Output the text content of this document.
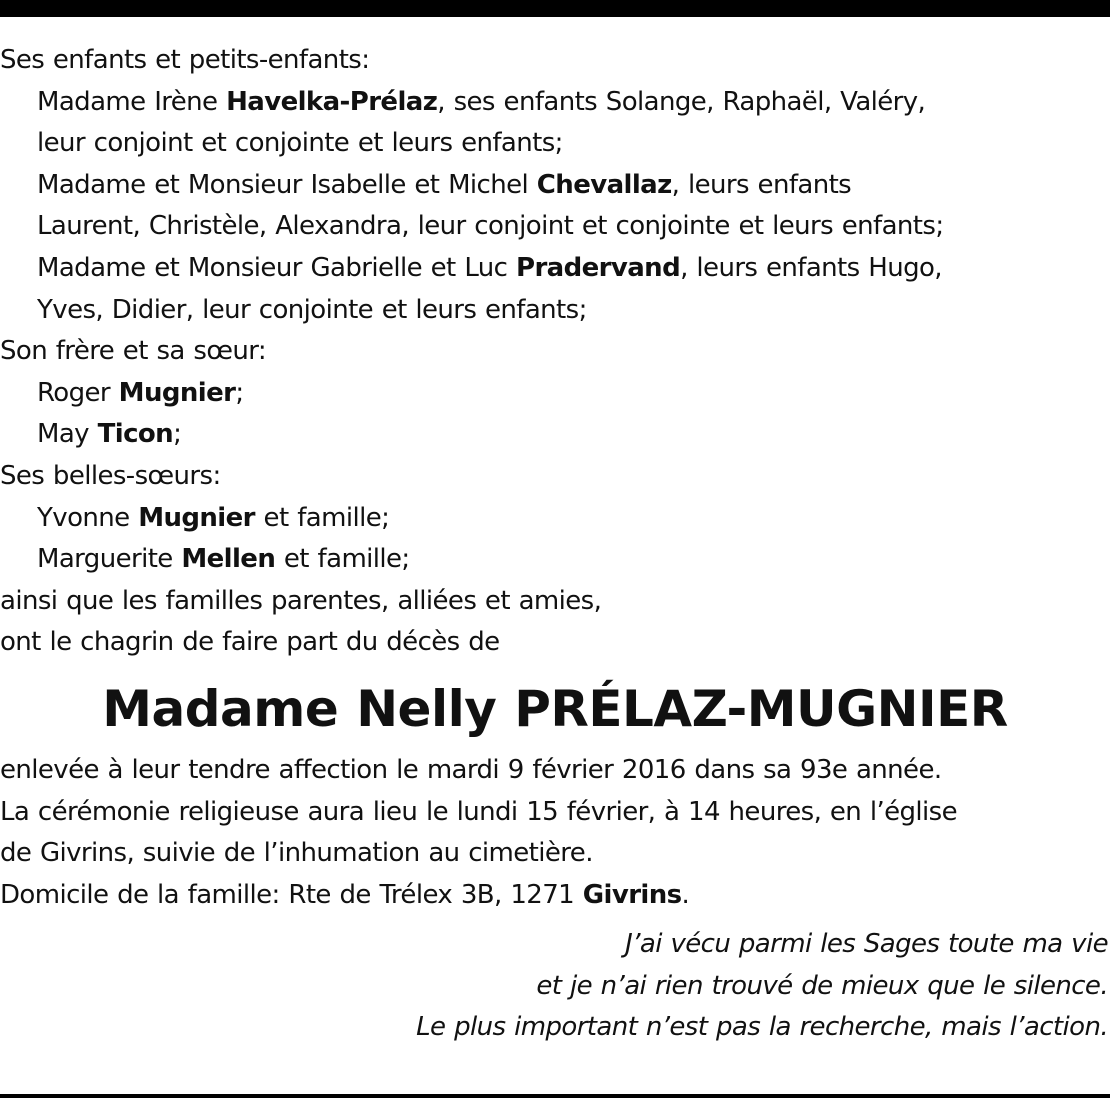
Ses enfants et petits-enfants:

Madame Irène Havelka-Prélaz, ses enfants Solange, Raphaël, Valéry,

leur conjoint et conjointe et leurs enfants;

Madame et Monsieur Isabelle et Michel Chevallaz, leurs enfants

Laurent, Christèle, Alexandra, leur conjoint et conjointe et leurs enfants;

Madame et Monsieur Gabrielle et Luc Pradervand, leurs enfants Hugo,

Yves, Didier, leur conjointe et leurs enfants;

Son frère et sa sœur:

Roger Mugnier;

May Ticon;

Ses belles-sœurs:

Yvonne Mugnier et famille;

Marguerite Mellen et famille;

ainsi que les familles parentes, alliées et amies,

ont le chagrin de faire part du décès de

Madame Nelly PRÉLAZ-MUGNIER

enlevée à leur tendre affection le mardi 9 février 2016 dans sa 93e année.

La cérémonie religieuse aura lieu le lundi 15 février, à 14 heures, en l’église

de Givrins, suivie de l’inhumation au cimetière.

Domicile de la famille: Rte de Trélex 3B, 1271 Givrins.

J’ai vécu parmi les Sages toute ma vie

et je n’ai rien trouvé de mieux que le silence.

Le plus important n’est pas la recherche, mais l’action.
